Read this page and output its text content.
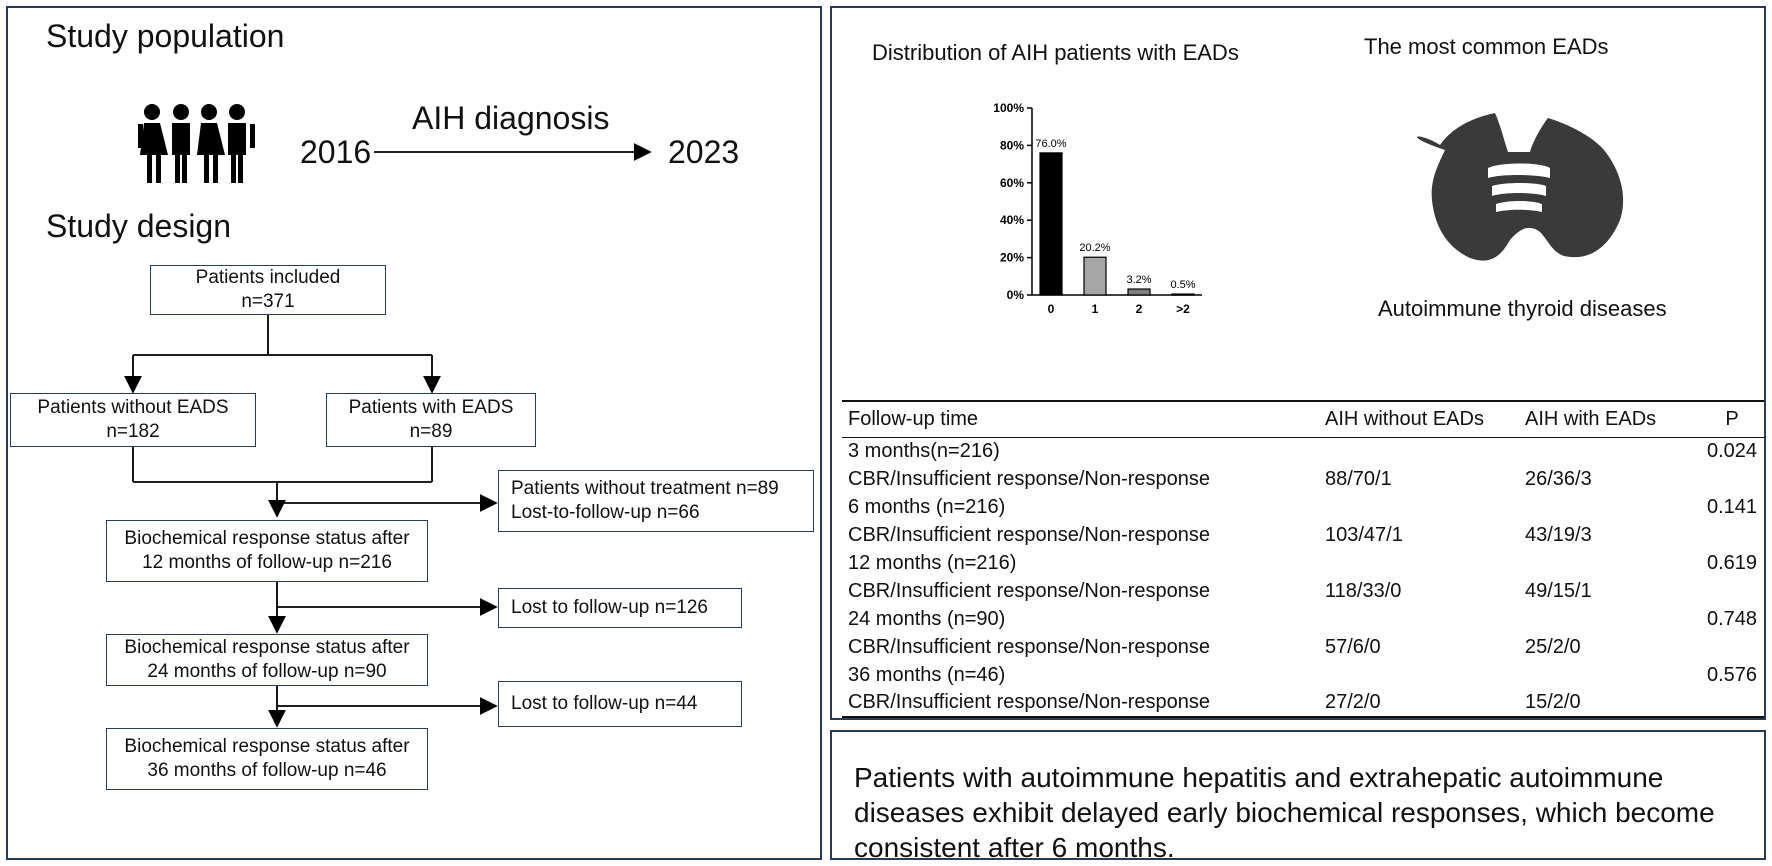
Study population
AIH diagnosis
2016	2023
Study design
Patients included
n=371
Patients without EADS
n=182
Patients with EADS
n=89
Patients without treatment n=89
Lost-to-follow-up n=66
Biochemical response status after
12 months of follow-up n=216
Lost to follow-up n=126
Biochemical response status after
24 months of follow-up n=90
Lost to follow-up n=44
Biochemical response status after
36 months of follow-up n=46
Distribution of AIH patients with EADs	The most common EADs
0%
20%
40%
60%
80%
100%
76.0%
0
20.2%
1
3.2%
2
0.5%
>2	Autoimmune thyroid diseases
Follow-up time	AIH without EADs	AIH with EADs	P
3 months(n=216)			0.024
CBR/Insufficient response/Non-response	88/70/1	26/36/3	
6 months (n=216)			0.141
CBR/Insufficient response/Non-response	103/47/1	43/19/3	
12 months (n=216)			0.619
CBR/Insufficient response/Non-response	118/33/0	49/15/1	
24 months (n=90)			0.748
CBR/Insufficient response/Non-response	57/6/0	25/2/0	
36 months (n=46)			0.576
CBR/Insufficient response/Non-response	27/2/0	15/2/0	
Patients with autoimmune hepatitis and extrahepatic autoimmune diseases exhibit delayed early biochemical responses, which become consistent after 6 months.
